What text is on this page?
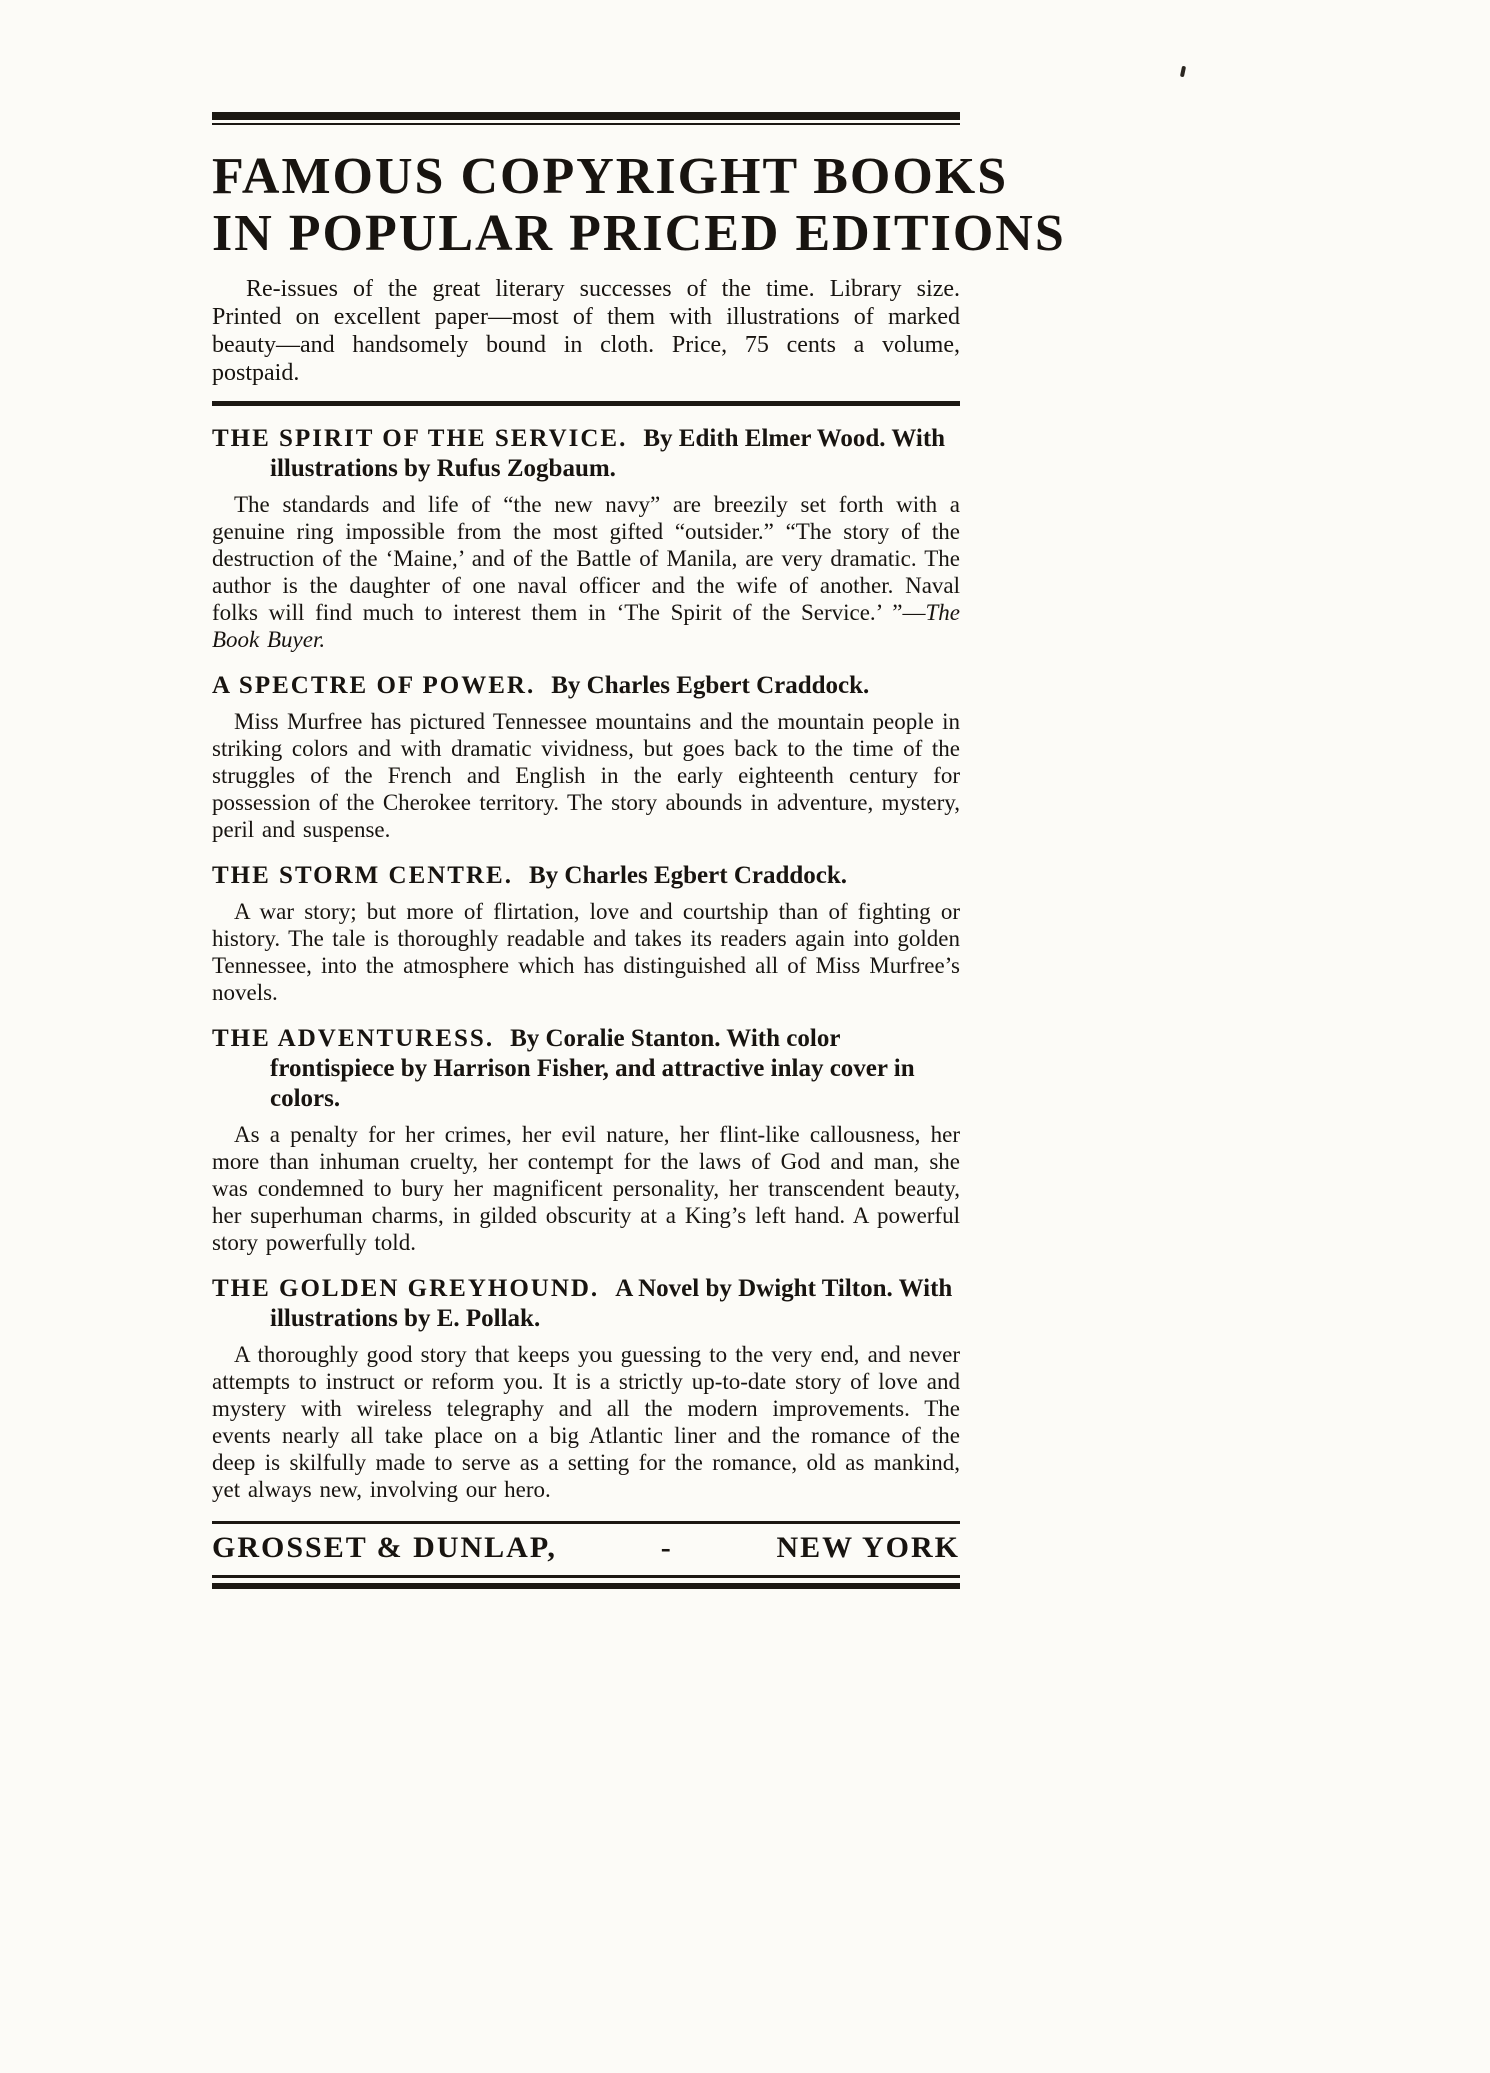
FAMOUS COPYRIGHT BOOKS
IN POPULAR PRICED EDITIONS

Re-issues of the great literary successes of the time. Library size. Printed on excellent paper—most of them with illustrations of marked beauty—and handsomely bound in cloth. Price, 75 cents a volume, postpaid.

THE SPIRIT OF THE SERVICE. By Edith Elmer Wood. With illustrations by Rufus Zogbaum.

The standards and life of “the new navy” are breezily set forth with a genuine ring impossible from the most gifted “outsider.” “The story of the destruction of the ‘Maine,’ and of the Battle of Manila, are very dramatic. The author is the daughter of one naval officer and the wife of another. Naval folks will find much to interest them in ‘The Spirit of the Service.’ ”—The Book Buyer.

A SPECTRE OF POWER. By Charles Egbert Craddock.

Miss Murfree has pictured Tennessee mountains and the mountain people in striking colors and with dramatic vividness, but goes back to the time of the struggles of the French and English in the early eighteenth century for possession of the Cherokee territory. The story abounds in adventure, mystery, peril and suspense.

THE STORM CENTRE. By Charles Egbert Craddock.

A war story; but more of flirtation, love and courtship than of fighting or history. The tale is thoroughly readable and takes its readers again into golden Tennessee, into the atmosphere which has distinguished all of Miss Murfree’s novels.

THE ADVENTURESS. By Coralie Stanton. With color frontispiece by Harrison Fisher, and attractive inlay cover in colors.

As a penalty for her crimes, her evil nature, her flint-like callousness, her more than inhuman cruelty, her contempt for the laws of God and man, she was condemned to bury her magnificent personality, her transcendent beauty, her superhuman charms, in gilded obscurity at a King’s left hand. A powerful story powerfully told.

THE GOLDEN GREYHOUND. A Novel by Dwight Tilton. With illustrations by E. Pollak.

A thoroughly good story that keeps you guessing to the very end, and never attempts to instruct or reform you. It is a strictly up-to-date story of love and mystery with wireless telegraphy and all the modern improvements. The events nearly all take place on a big Atlantic liner and the romance of the deep is skilfully made to serve as a setting for the romance, old as mankind, yet always new, involving our hero.

GROSSET & DUNLAP,	-	NEW YORK
